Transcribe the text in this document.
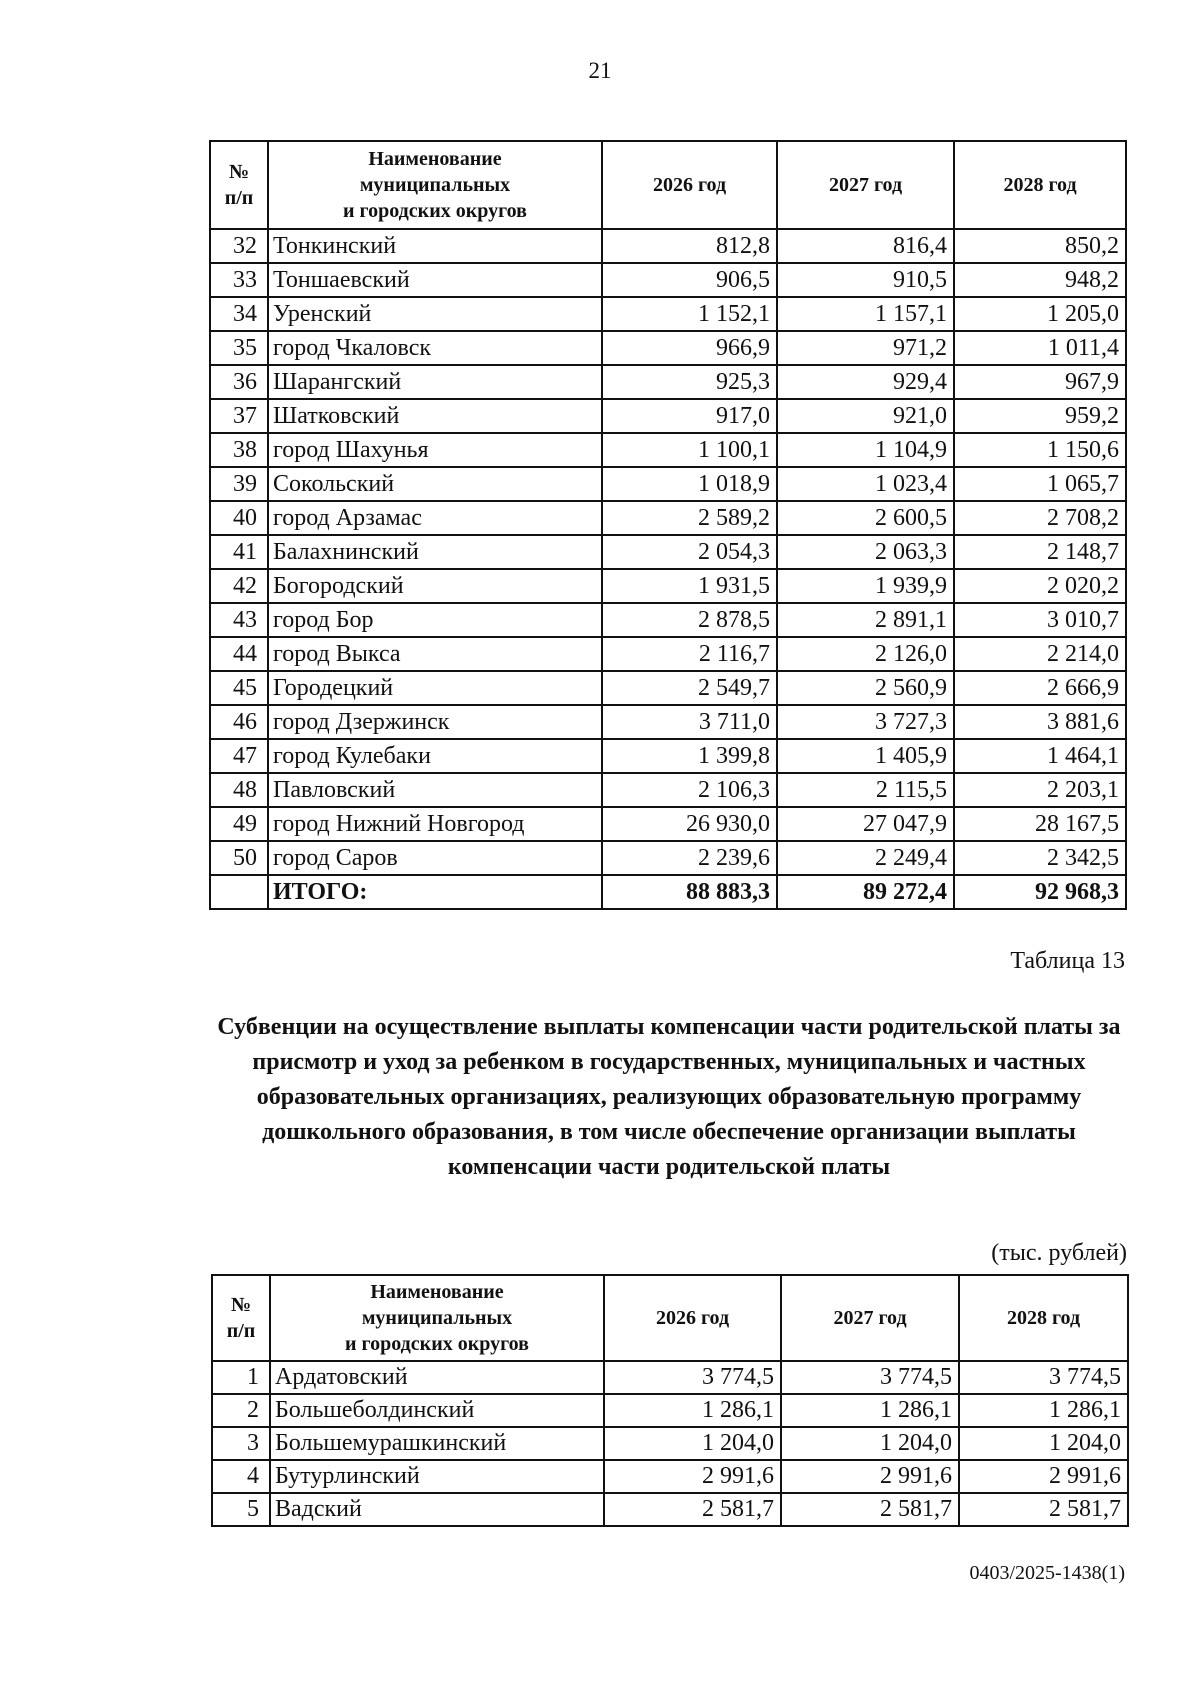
21
№
п/п	Наименование
муниципальных
и городских округов	2026 год	2027 год	2028 год
32	Тонкинский	812,8	816,4	850,2
33	Тоншаевский	906,5	910,5	948,2
34	Уренский	1 152,1	1 157,1	1 205,0
35	город Чкаловск	966,9	971,2	1 011,4
36	Шарангский	925,3	929,4	967,9
37	Шатковский	917,0	921,0	959,2
38	город Шахунья	1 100,1	1 104,9	1 150,6
39	Сокольский	1 018,9	1 023,4	1 065,7
40	город Арзамас	2 589,2	2 600,5	2 708,2
41	Балахнинский	2 054,3	2 063,3	2 148,7
42	Богородский	1 931,5	1 939,9	2 020,2
43	город Бор	2 878,5	2 891,1	3 010,7
44	город Выкса	2 116,7	2 126,0	2 214,0
45	Городецкий	2 549,7	2 560,9	2 666,9
46	город Дзержинск	3 711,0	3 727,3	3 881,6
47	город Кулебаки	1 399,8	1 405,9	1 464,1
48	Павловский	2 106,3	2 115,5	2 203,1
49	город Нижний Новгород	26 930,0	27 047,9	28 167,5
50	город Саров	2 239,6	2 249,4	2 342,5
	ИТОГО:	88 883,3	89 272,4	92 968,3
Таблица 13
Субвенции на осуществление выплаты компенсации части родительской платы за присмотр и уход за ребенком в государственных, муниципальных и частных образовательных организациях, реализующих образовательную программу дошкольного образования, в том числе обеспечение организации выплаты компенсации части родительской платы
(тыс. рублей)
№
п/п	Наименование
муниципальных
и городских округов	2026 год	2027 год	2028 год
1	Ардатовский	3 774,5	3 774,5	3 774,5
2	Большеболдинский	1 286,1	1 286,1	1 286,1
3	Большемурашкинский	1 204,0	1 204,0	1 204,0
4	Бутурлинский	2 991,6	2 991,6	2 991,6
5	Вадский	2 581,7	2 581,7	2 581,7
0403/2025-1438(1)
